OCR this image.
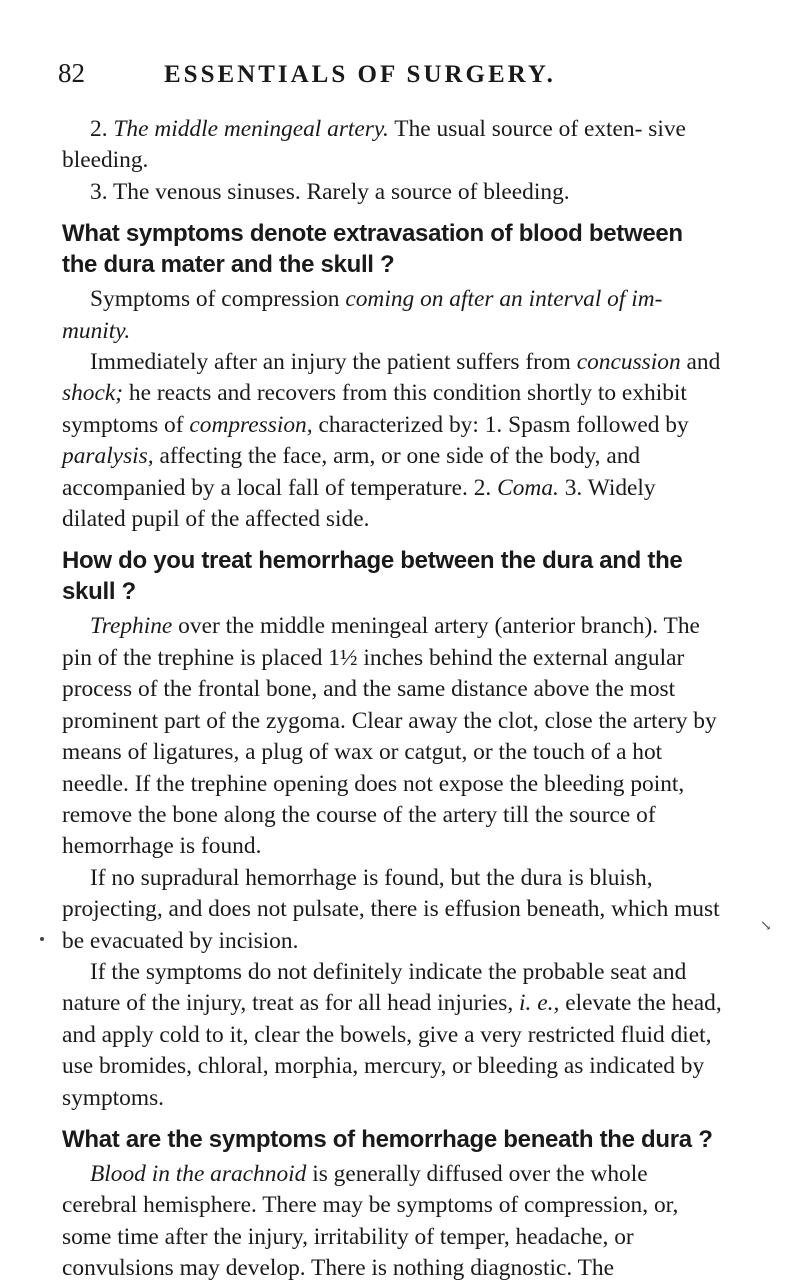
82	ESSENTIALS OF SURGERY.

2. The middle meningeal artery. The usual source of exten- sive bleeding.

3. The venous sinuses. Rarely a source of bleeding.

What symptoms denote extravasation of blood between the dura mater and the skull ?

Symptoms of compression coming on after an interval of im- munity.

Immediately after an injury the patient suffers from concussion and shock; he reacts and recovers from this condition shortly to exhibit symptoms of compression, characterized by: 1. Spasm followed by paralysis, affecting the face, arm, or one side of the body, and accompanied by a local fall of temperature. 2. Coma. 3. Widely dilated pupil of the affected side.

How do you treat hemorrhage between the dura and the skull ?

Trephine over the middle meningeal artery (anterior branch). The pin of the trephine is placed 1½ inches behind the external angular process of the frontal bone, and the same distance above the most prominent part of the zygoma. Clear away the clot, close the artery by means of ligatures, a plug of wax or catgut, or the touch of a hot needle. If the trephine opening does not expose the bleeding point, remove the bone along the course of the artery till the source of hemorrhage is found.

If no supradural hemorrhage is found, but the dura is bluish, projecting, and does not pulsate, there is effusion beneath, which must be evacuated by incision.

If the symptoms do not definitely indicate the probable seat and nature of the injury, treat as for all head injuries, i. e., elevate the head, and apply cold to it, clear the bowels, give a very restricted fluid diet, use bromides, chloral, morphia, mercury, or bleeding as indicated by symptoms.

What are the symptoms of hemorrhage beneath the dura ?

Blood in the arachnoid is generally diffused over the whole cerebral hemisphere. There may be symptoms of compression, or, some time after the injury, irritability of temper, headache, or convulsions may develop. There is nothing diagnostic. The

↘
